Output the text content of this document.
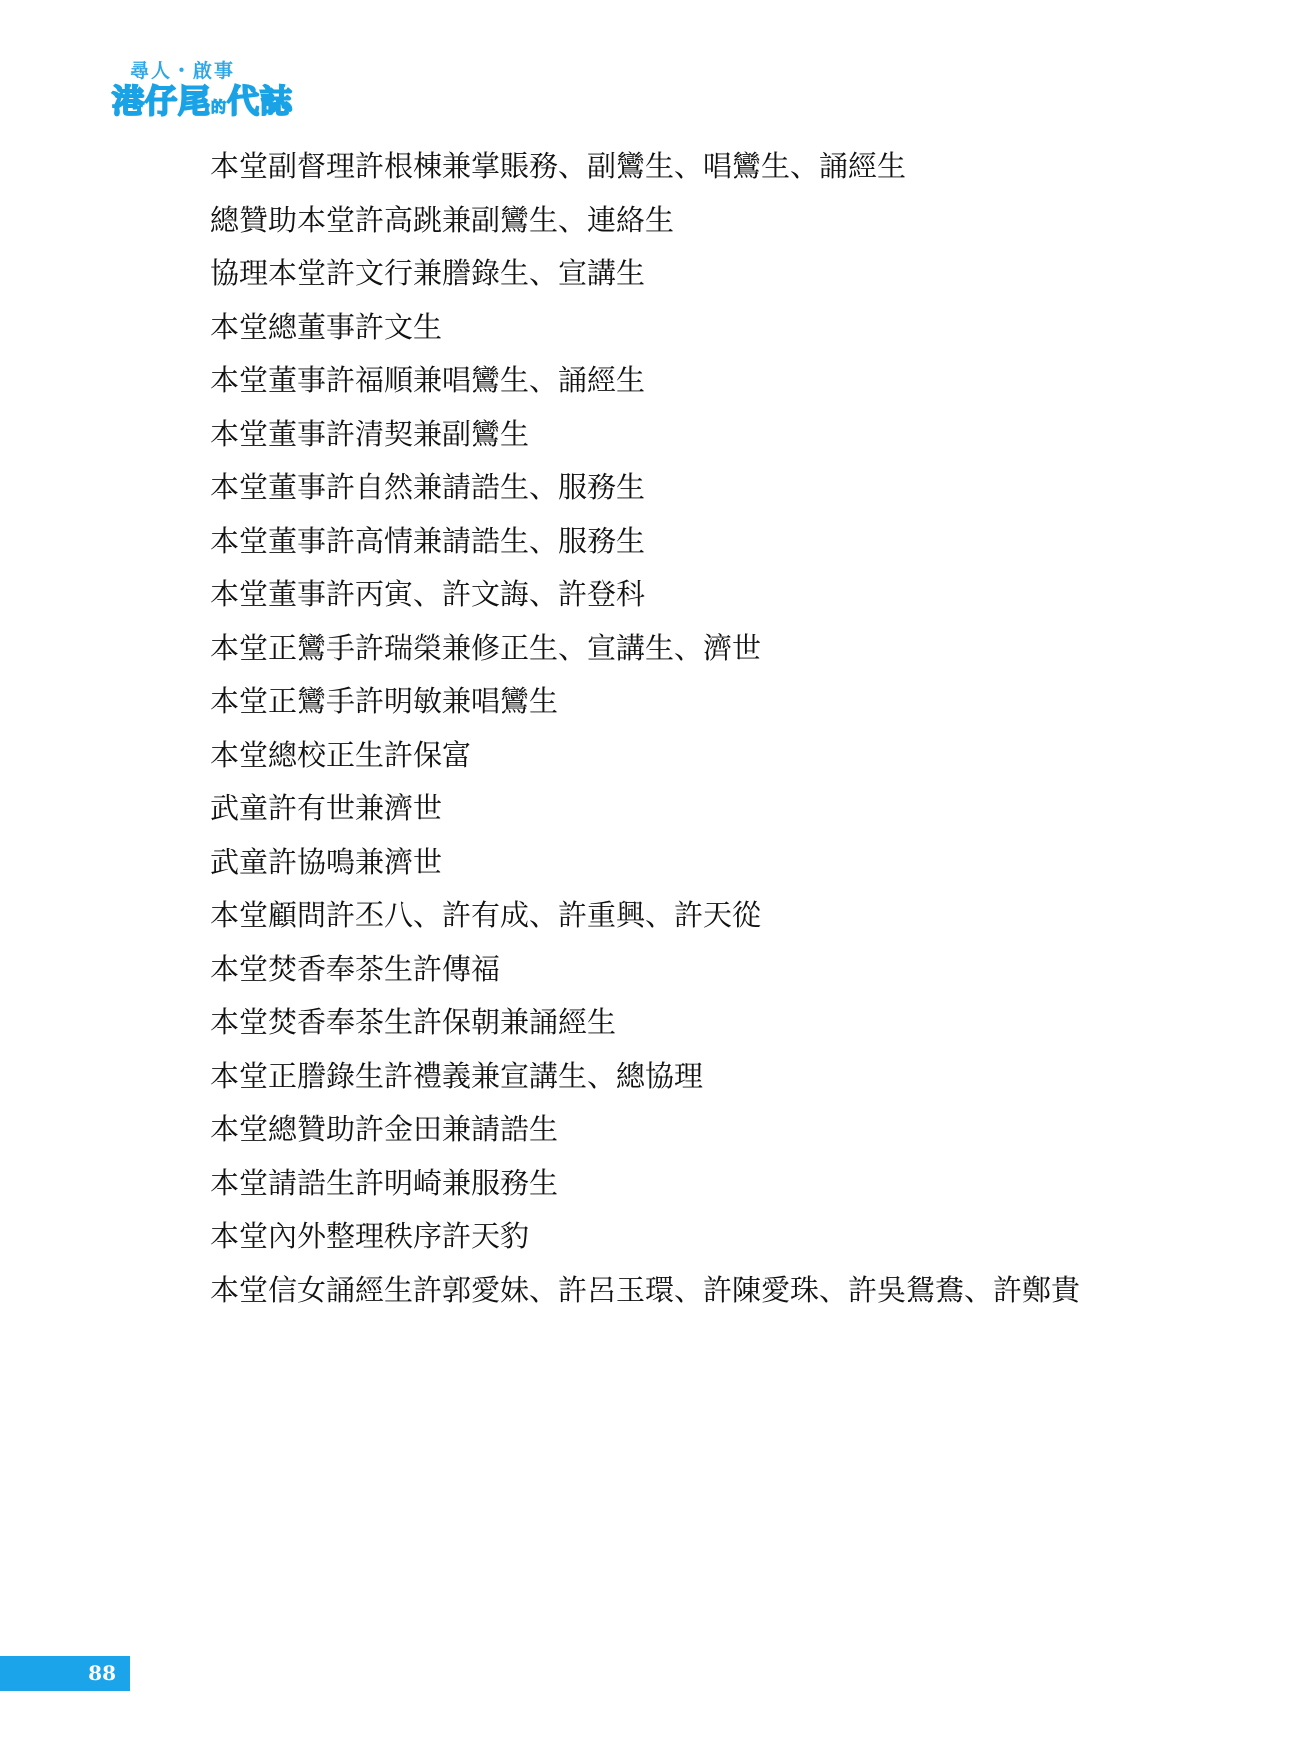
尋人・啟事
港仔尾的代誌
本堂副督理許根棟兼掌賬務、副鸞生、唱鸞生、誦經生
總贊助本堂許高跳兼副鸞生、連絡生
協理本堂許文行兼謄錄生、宣講生
本堂總董事許文生
本堂董事許福順兼唱鸞生、誦經生
本堂董事許清契兼副鸞生
本堂董事許自然兼請誥生、服務生
本堂董事許高情兼請誥生、服務生
本堂董事許丙寅、許文誨、許登科
本堂正鸞手許瑞榮兼修正生、宣講生、濟世
本堂正鸞手許明敏兼唱鸞生
本堂總校正生許保富
武童許有世兼濟世
武童許協鳴兼濟世
本堂顧問許丕八、許有成、許重興、許天從
本堂焚香奉茶生許傳福
本堂焚香奉茶生許保朝兼誦經生
本堂正謄錄生許禮義兼宣講生、總協理
本堂總贊助許金田兼請誥生
本堂請誥生許明崎兼服務生
本堂內外整理秩序許天豹
本堂信女誦經生許郭愛妹、許呂玉環、許陳愛珠、許吳鴛鴦、許鄭貴
88
